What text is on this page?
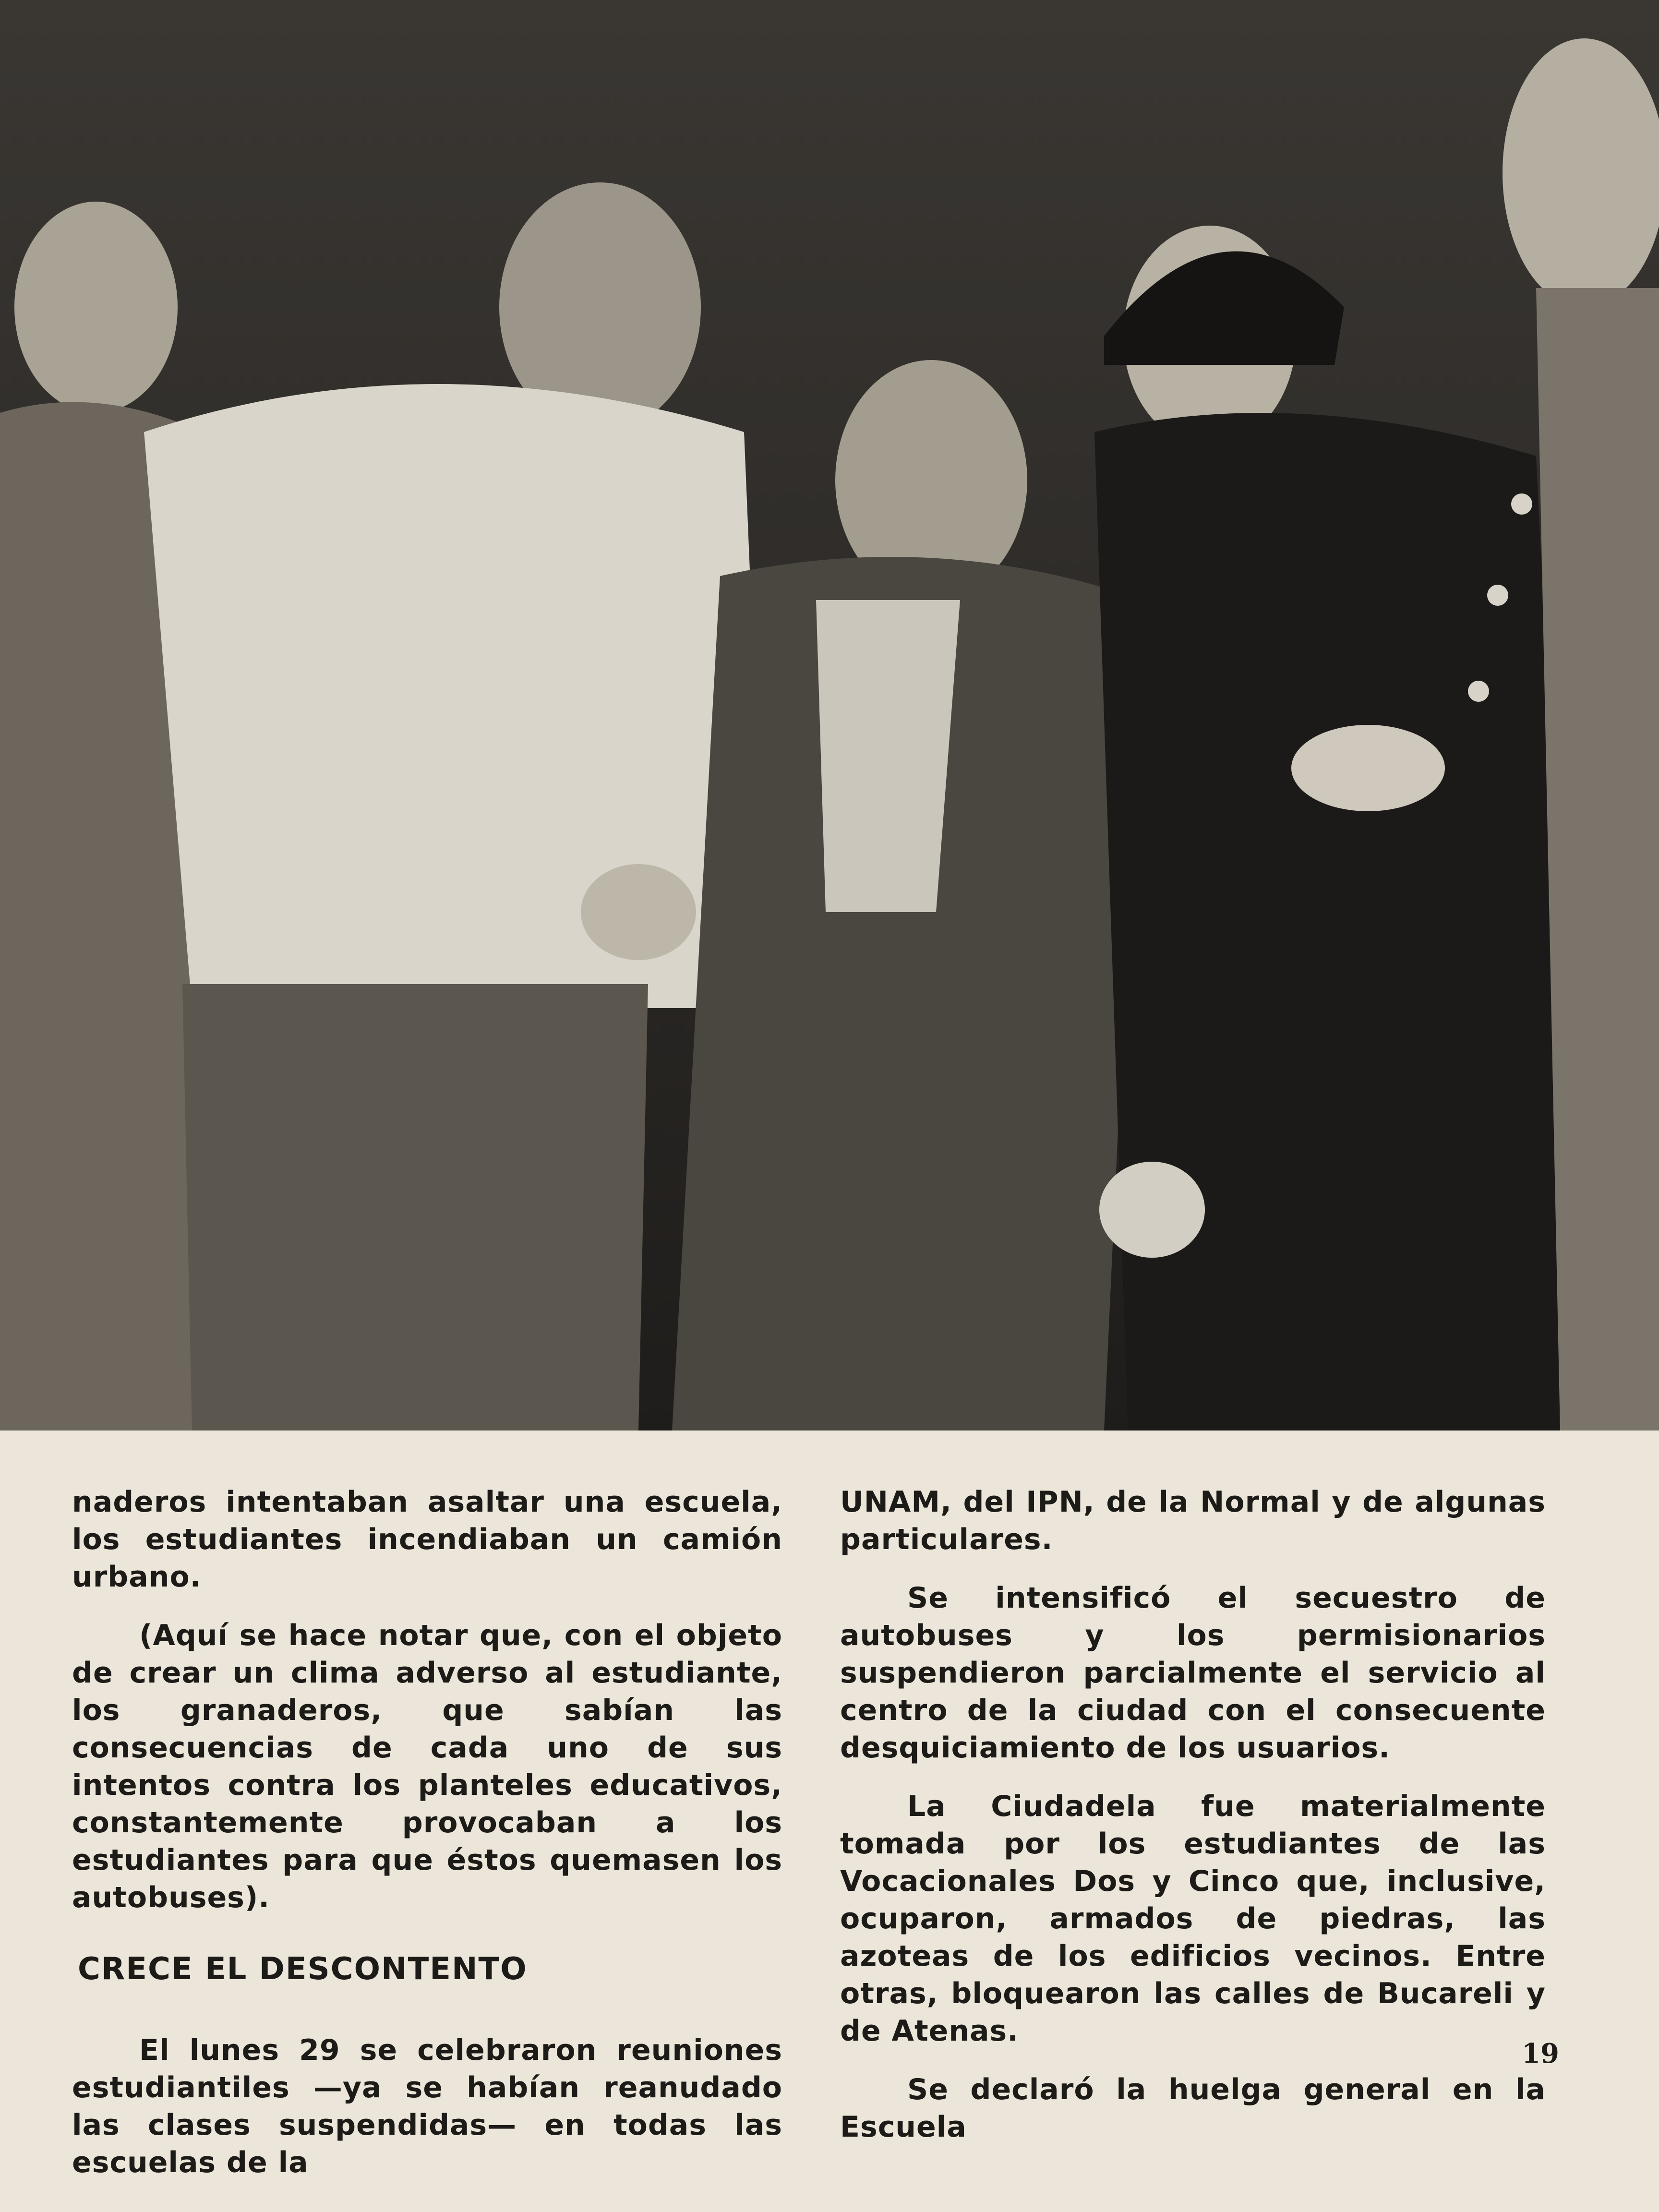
naderos intentaban asaltar una escuela, los estudiantes incendiaban un camión urbano.

(Aquí se hace notar que, con el objeto de crear un clima adverso al estudiante, los granaderos, que sabían las consecuencias de cada uno de sus intentos contra los planteles educativos, constantemente provocaban a los estudiantes para que éstos quemasen los autobuses).

CRECE EL DESCONTENTO

El lunes 29 se celebraron reuniones estudiantiles —ya se habían reanudado las clases suspendidas— en todas las escuelas de la

UNAM, del IPN, de la Normal y de algunas particulares.

Se intensificó el secuestro de autobuses y los permisionarios suspendieron parcialmente el servicio al centro de la ciudad con el consecuente desquiciamiento de los usuarios.

La Ciudadela fue materialmente tomada por los estudiantes de las Vocacionales Dos y Cinco que, inclusive, ocuparon, armados de piedras, las azoteas de los edificios vecinos. Entre otras, bloquearon las calles de Bucareli y de Atenas.

Se declaró la huelga general en la Escuela

19
